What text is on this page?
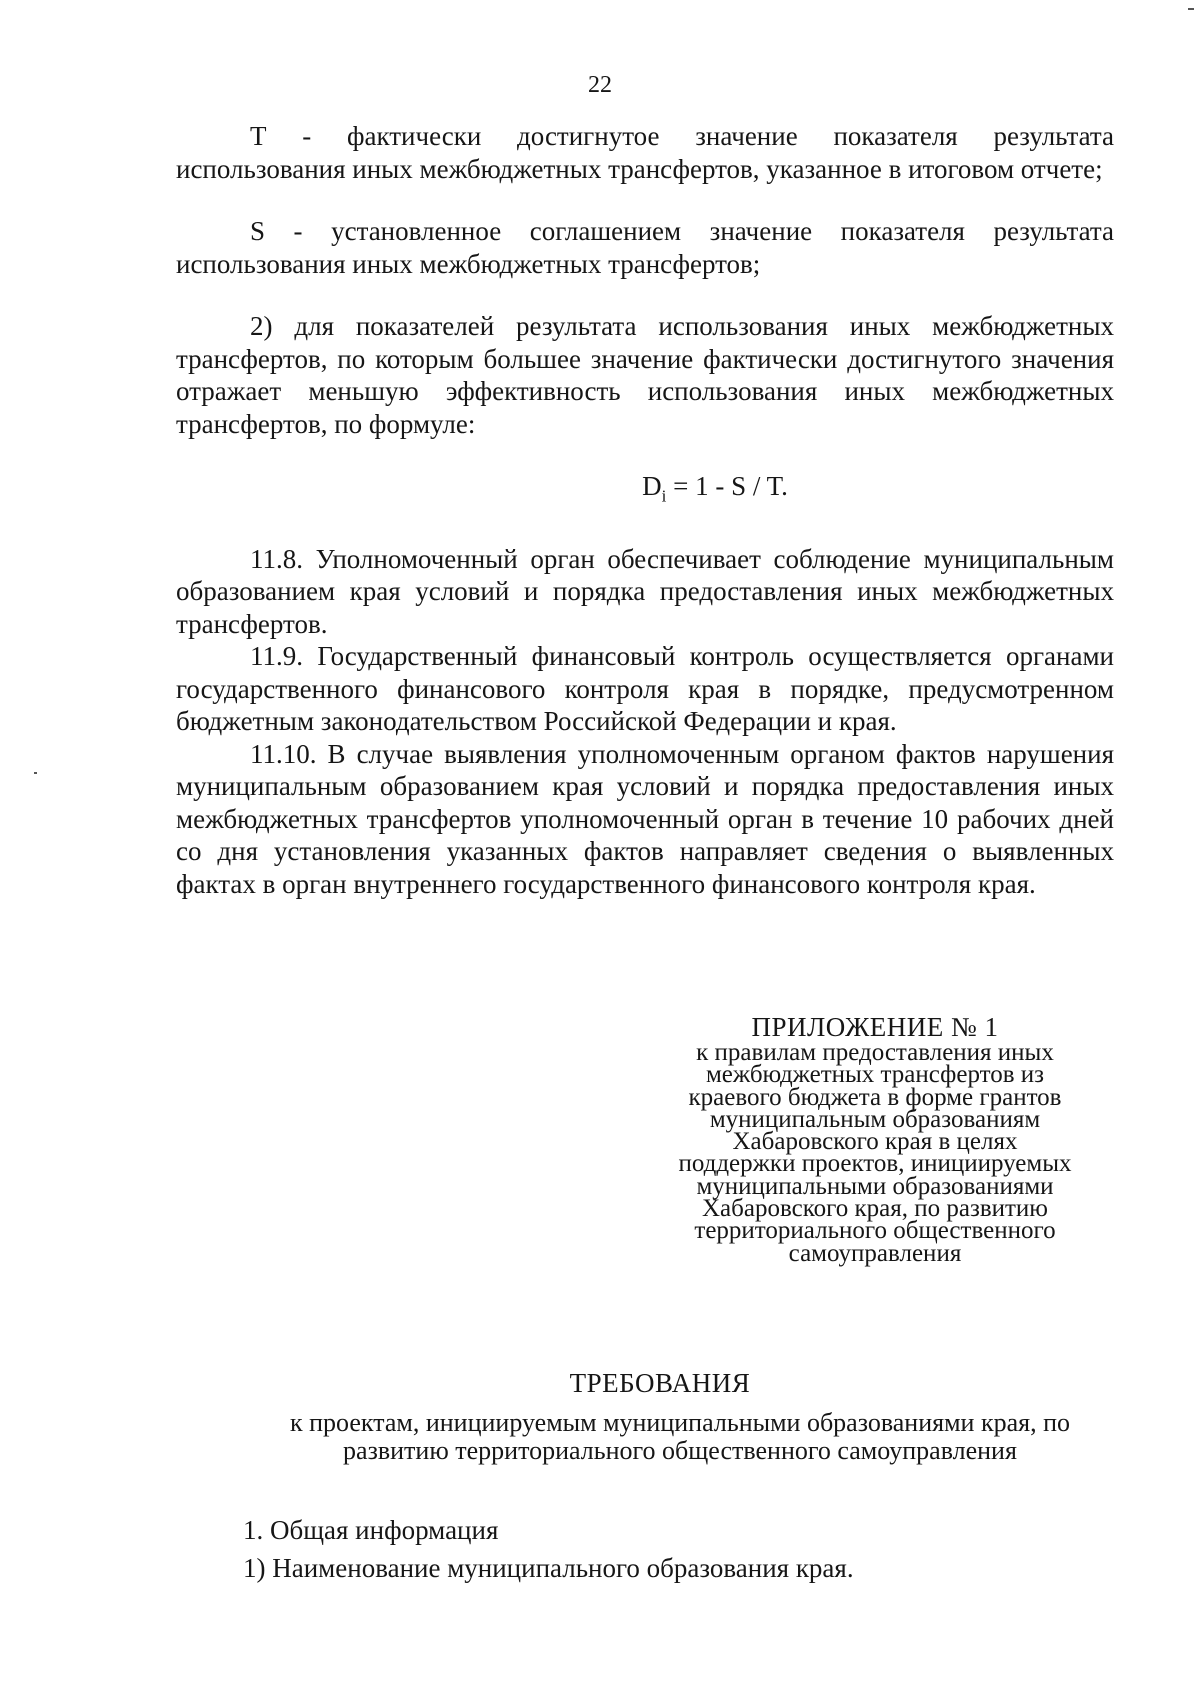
22

Т - фактически достигнутое значение показателя результата использования иных межбюджетных трансфертов, указанное в итоговом отчете;

S - установленное соглашением значение показателя результата использования иных межбюджетных трансфертов;

2) для показателей результата использования иных межбюджетных трансфертов, по которым большее значение фактически достигнутого значения отражает меньшую эффективность использования иных межбюджетных трансфертов, по формуле:

$D_i = 1 - S / T$.

11.8. Уполномоченный орган обеспечивает соблюдение муниципальным образованием края условий и порядка предоставления иных межбюджетных трансфертов.

11.9. Государственный финансовый контроль осуществляется органами государственного финансового контроля края в порядке, предусмотренном бюджетным законодательством Российской Федерации и края.

11.10. В случае выявления уполномоченным органом фактов нарушения муниципальным образованием края условий и порядка предоставления иных межбюджетных трансфертов уполномоченный орган в течение 10 рабочих дней со дня установления указанных фактов направляет сведения о выявленных фактах в орган внутреннего государственного финансового контроля края.

ПРИЛОЖЕНИЕ № 1
к правилам предоставления иных
межбюджетных трансфертов из
краевого бюджета в форме грантов
муниципальным образованиям
Хабаровского края в целях
поддержки проектов, инициируемых
муниципальными образованиями
Хабаровского края, по развитию
территориального общественного
самоуправления
ТРЕБОВАНИЯ
к проектам, инициируемым муниципальными образованиями края, по
развитию территориального общественного самоуправления
1. Общая информация
1) Наименование муниципального образования края.
